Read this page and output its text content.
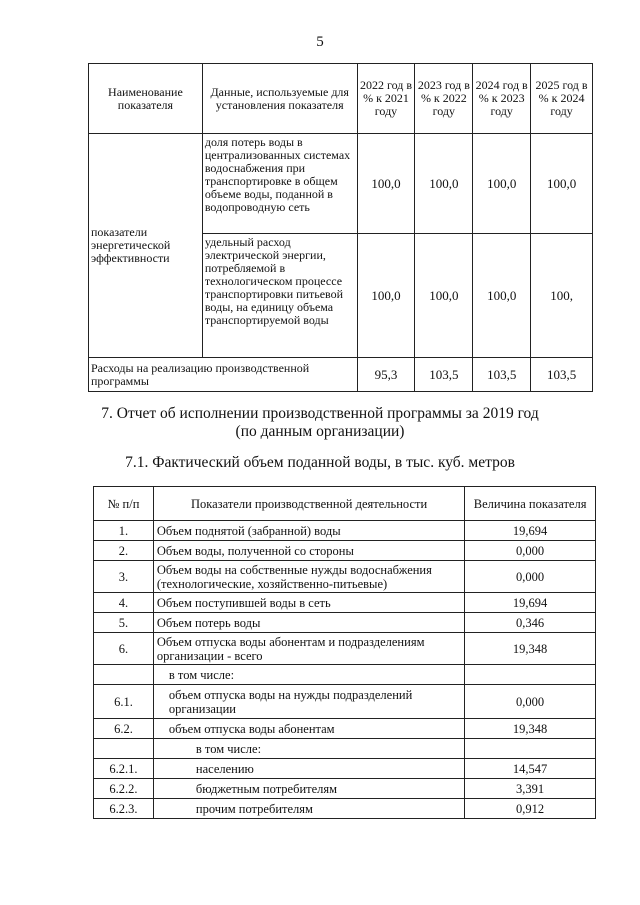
5
Наименование показателя	Данные, используемые для установления показателя	2022 год в % к 2021 году	2023 год в % к 2022 году	2024 год в % к 2023 году	2025 год в % к 2024 году
показатели энергетической эффективности	доля потерь воды в централизованных системах водоснабжения при транспортировке в общем объеме воды, поданной в водопроводную сеть	100,0	100,0	100,0	100,0
	удельный расход электрической энергии, потребляемой в технологическом процессе транспортировки питьевой воды, на единицу объема транспортируемой воды	100,0	100,0	100,0	100,
Расходы на реализацию производственной программы		95,3	103,5	103,5	103,5
7. Отчет об исполнении производственной программы за 2019 год
(по данным организации)
7.1. Фактический объем поданной воды, в тыс. куб. метров
№ п/п	Показатели производственной деятельности	Величина показателя
1.	Объем поднятой (забранной) воды	19,694
2.	Объем воды, полученной со стороны	0,000
3.	Объем воды на собственные нужды водоснабжения (технологические, хозяйственно-питьевые)	0,000
4.	Объем поступившей воды в сеть	19,694
5.	Объем потерь воды	0,346
6.	Объем отпуска воды абонентам и подразделениям организации - всего	19,348
	в том числе:	
6.1.	объем отпуска воды на нужды подразделений организации	0,000
6.2.	объем отпуска воды абонентам	19,348
	в том числе:	
6.2.1.	населению	14,547
6.2.2.	бюджетным потребителям	3,391
6.2.3.	прочим потребителям	0,912
